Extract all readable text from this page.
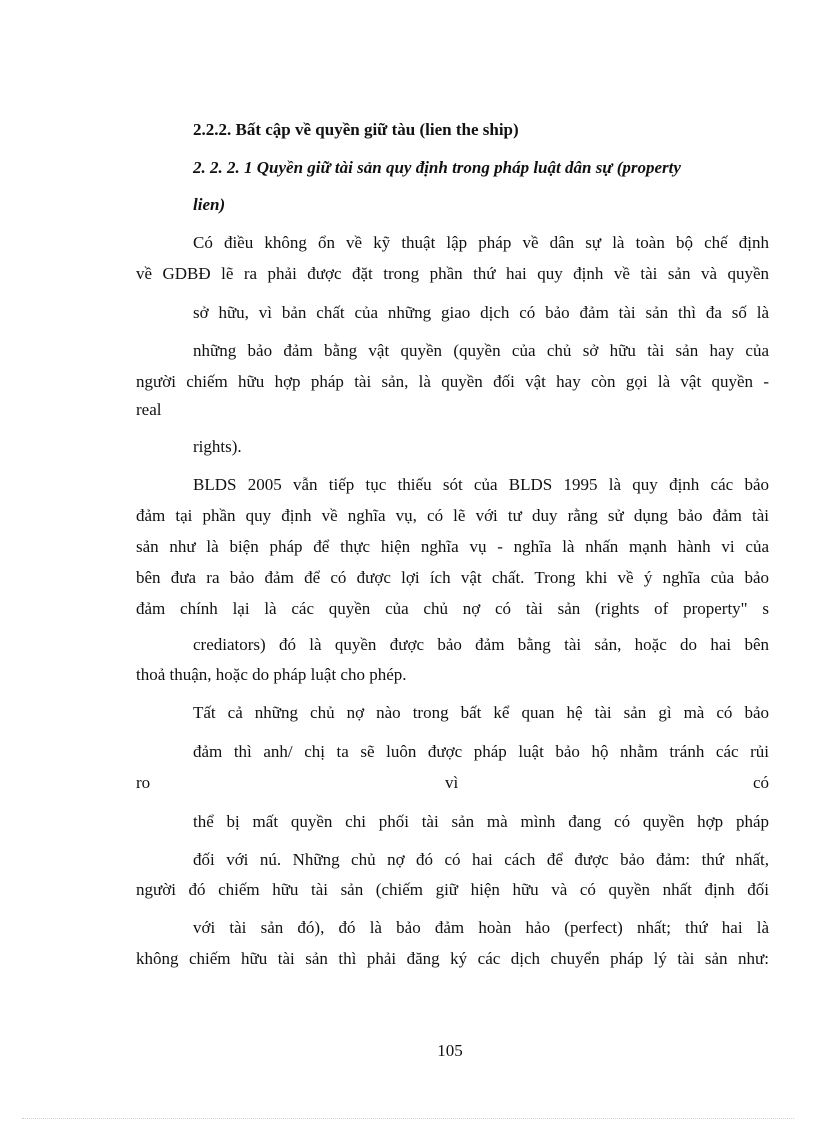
2.2.2. Bất cập về quyền giữ tàu (lien the ship)
2. 2. 2. 1 Quyền giữ tài sản quy định trong pháp luật dân sự (property
lien)
Có điều không ổn về kỹ thuật lập pháp về dân sự là toàn bộ chế định
về GDBĐ lẽ ra phải được đặt trong phần thứ hai quy định về tài sản và quyền
sở hữu, vì bản chất của những giao dịch có bảo đảm tài sản thì đa số là
những bảo đảm bằng vật quyền (quyền của chủ sở hữu tài sản hay của
người chiếm hữu hợp pháp tài sản, là quyền đối vật hay còn gọi là vật quyền -
real
rights).
BLDS 2005 vẫn tiếp tục thiếu sót của BLDS 1995 là quy định các bảo
đảm tại phần quy định về nghĩa vụ, có lẽ với tư duy rằng sử dụng bảo đảm tài
sản như là biện pháp để thực hiện nghĩa vụ - nghĩa là nhấn mạnh hành vi của
bên đưa ra bảo đảm để có được lợi ích vật chất. Trong khi về ý nghĩa của bảo
đảm chính lại là các quyền của chủ nợ có tài sản (rights of property" s
crediators) đó là quyền được bảo đảm bằng tài sản, hoặc do hai bên
thoả thuận, hoặc do pháp luật cho phép.
Tất cả những chủ nợ nào trong bất kể quan hệ tài sản gì mà có bảo
đảm thì anh/ chị ta sẽ luôn được pháp luật bảo hộ nhằm tránh các rủi
ro vì có
thể bị mất quyền chi phối tài sản mà mình đang có quyền hợp pháp
đối với nú. Những chủ nợ đó có hai cách để được bảo đảm: thứ nhất,
người đó chiếm hữu tài sản (chiếm giữ hiện hữu và có quyền nhất định đối
với tài sản đó), đó là bảo đảm hoàn hảo (perfect) nhất; thứ hai là
không chiếm hữu tài sản thì phải đăng ký các dịch chuyển pháp lý tài sản như:
105
